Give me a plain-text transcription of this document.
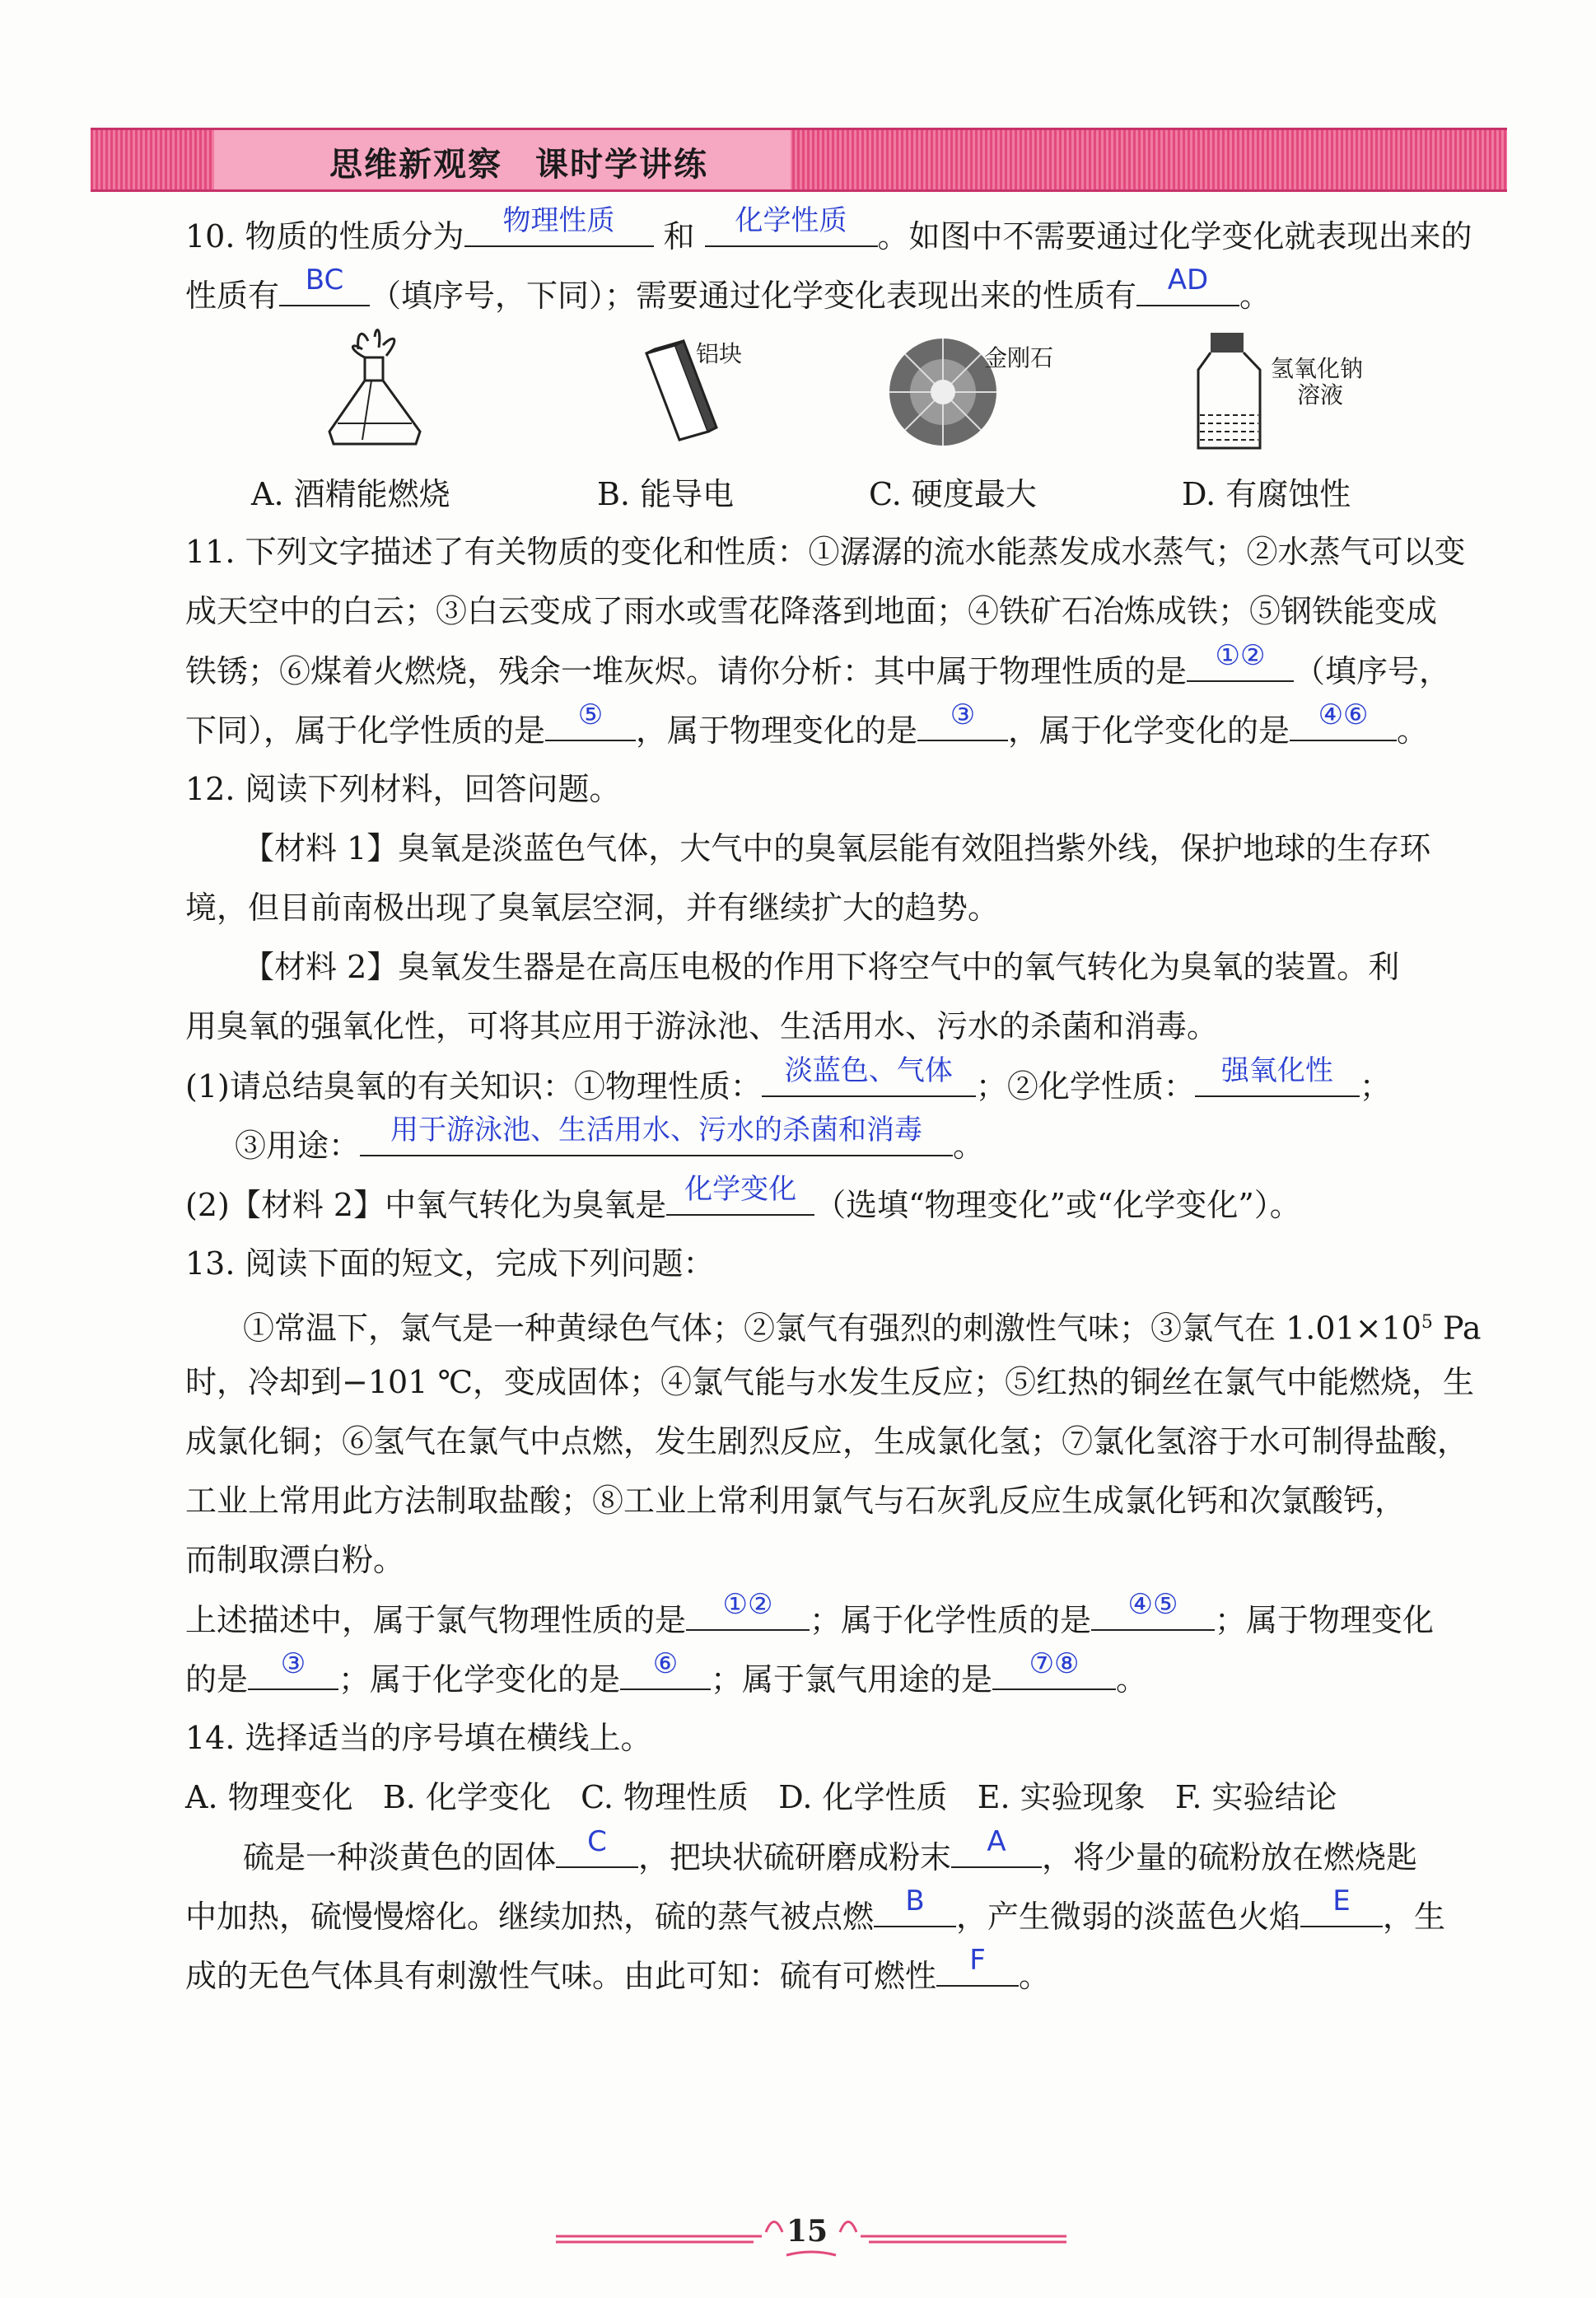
思维新观察 课时学讲练
10. 物质的性质分为	物理性质	和	化学性质 。如图中不需要通过化学变化就表现出来的
性质有 BC （填序号，下同）；需要通过化学变化表现出来的性质有	AD 。
铝块	金刚石	氢氧化钠
溶液
A. 酒精能燃烧	B. 能导电	C. 硬度最大	D. 有腐蚀性
11. 下列文字描述了有关物质的变化和性质：①潺潺的流水能蒸发成水蒸气；②水蒸气可以变
成天空中的白云；③白云变成了雨水或雪花降落到地面；④铁矿石冶炼成铁；⑤钢铁能变成
铁锈；⑥煤着火燃烧，残余一堆灰烬。请你分析：其中属于物理性质的是	①② （填序号，
下同），属于化学性质的是	⑤	，属于物理变化的是	③	，属于化学变化的是	④⑥ 。
12. 阅读下列材料，回答问题。
【材料 1】臭氧是淡蓝色气体，大气中的臭氧层能有效阻挡紫外线，保护地球的生存环
境，但目前南极出现了臭氧层空洞，并有继续扩大的趋势。
【材料 2】臭氧发生器是在高压电极的作用下将空气中的氧气转化为臭氧的装置。利
用臭氧的强氧化性，可将其应用于游泳池、生活用水、污水的杀菌和消毒。
(1)请总结臭氧的有关知识：①物理性质： 淡蓝色、气体 ；②化学性质： 强氧化性 ；
③用途：	用于游泳池、生活用水、污水的杀菌和消毒 。
(2)【材料 2】中氧气转化为臭氧是 化学变化 （选填“物理变化”或“化学变化”）。
13. 阅读下面的短文，完成下列问题：
①常温下，氯气是一种黄绿色气体；②氯气有强烈的刺激性气味；③氯气在 $1.01\times 10^5$ Pa
时，冷却到−101 ℃，变成固体；④氯气能与水发生反应；⑤红热的铜丝在氯气中能燃烧，生
成氯化铜；⑥氢气在氯气中点燃，发生剧烈反应，生成氯化氢；⑦氯化氢溶于水可制得盐酸，
工业上常用此方法制取盐酸；⑧工业上常利用氯气与石灰乳反应生成氯化钙和次氯酸钙，
而制取漂白粉。
上述描述中，属于氯气物理性质的是	①②	；属于化学性质的是	④⑤	；属于物理变化
的是	③	；属于化学变化的是	⑥	；属于氯气用途的是	⑦⑧	。
14. 选择适当的序号填在横线上。
A. 物理变化   B. 化学变化   C. 物理性质   D. 化学性质   E. 实验现象   F. 实验结论
硫是一种淡黄色的固体	C	，把块状硫研磨成粉末	A	，将少量的硫粉放在燃烧匙
中加热，硫慢慢熔化。继续加热，硫的蒸气被点燃	B	，产生微弱的淡蓝色火焰	E	，生
成的无色气体具有刺激性气味。由此可知：硫有可燃性	F	。
15
